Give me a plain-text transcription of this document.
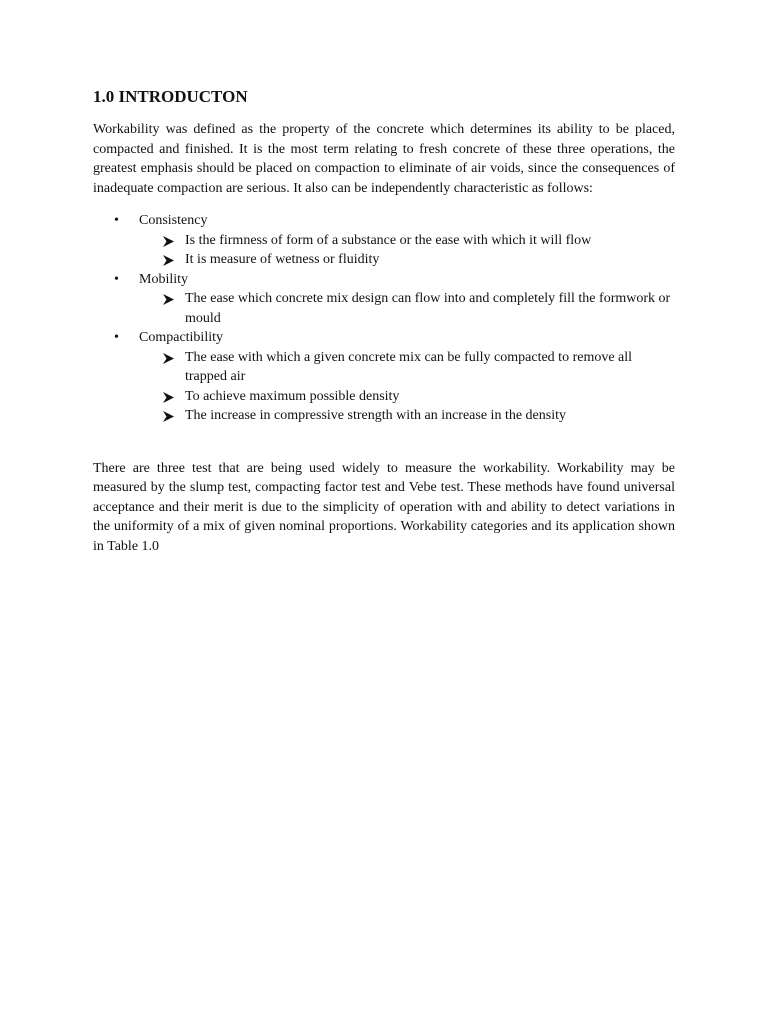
1.0 INTRODUCTON

Workability was defined as the property of the concrete which determines its ability to be placed, compacted and finished. It is the most term relating to fresh concrete of these three operations, the greatest emphasis should be placed on compaction to eliminate of air voids, since the consequences of inadequate compaction are serious. It also can be independently characteristic as follows:

• Consistency
Is the firmness of form of a substance or the ease with which it will flow
It is measure of wetness or fluidity
• Mobility
The ease which concrete mix design can flow into and completely fill the formwork or mould
• Compactibility
The ease with which a given concrete mix can be fully compacted to remove all trapped air
To achieve maximum possible density
The increase in compressive strength with an increase in the density

There are three test that are being used widely to measure the workability. Workability may be measured by the slump test, compacting factor test and Vebe test. These methods have found universal acceptance and their merit is due to the simplicity of operation with and ability to detect variations in the uniformity of a mix of given nominal proportions. Workability categories and its application shown in Table 1.0
